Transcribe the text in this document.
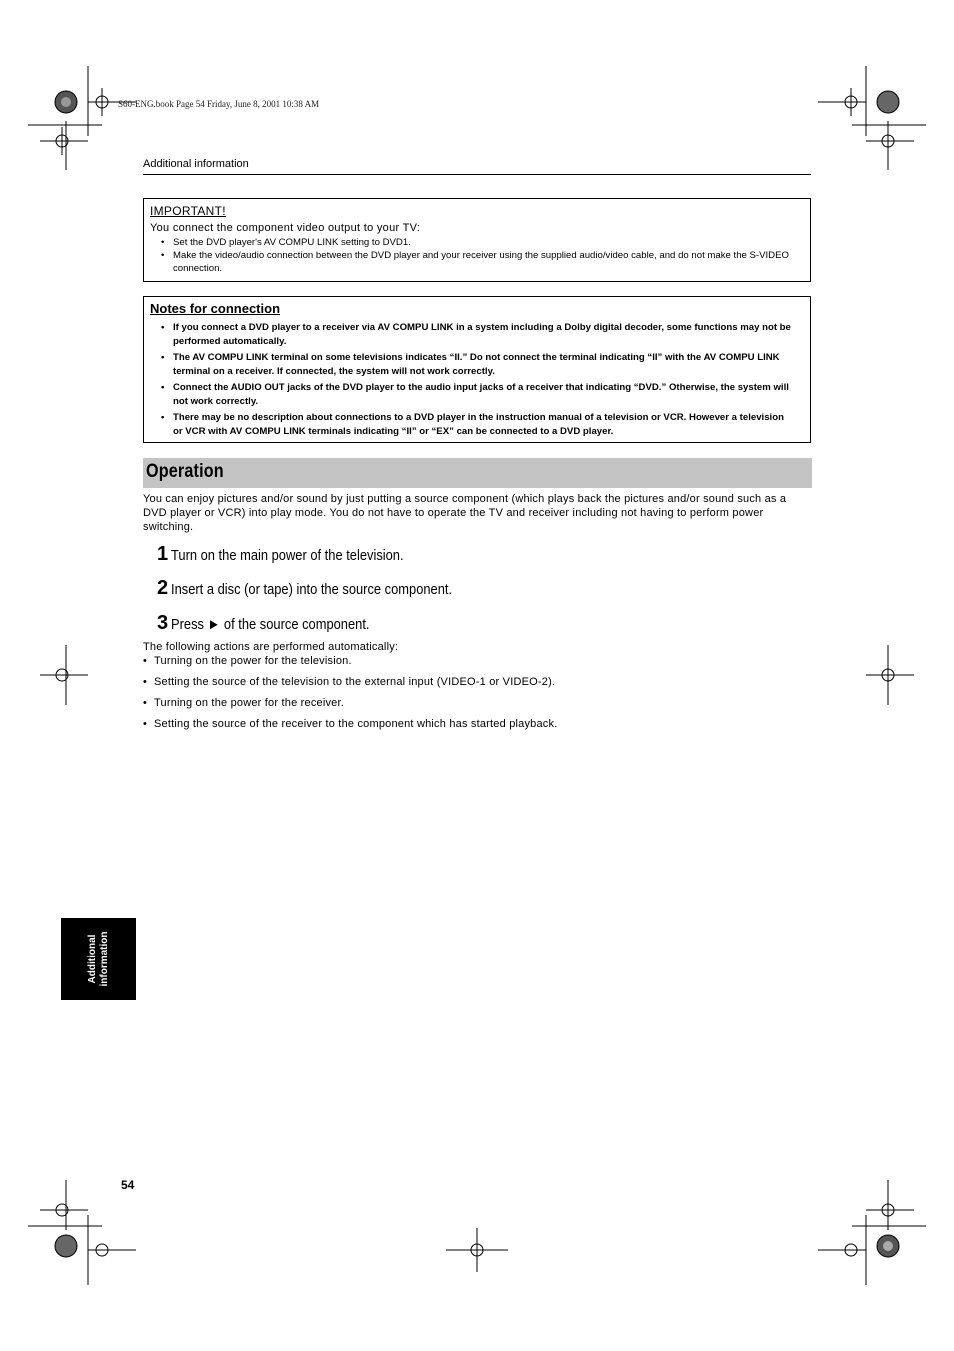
S60-ENG.book Page 54 Friday, June 8, 2001 10:38 AM
Additional information
IMPORTANT!
You connect the component video output to your TV:
• Set the DVD player's AV COMPU LINK setting to DVD1.
• Make the video/audio connection between the DVD player and your receiver using the supplied audio/video cable, and do not make the S-VIDEO connection.
Notes for connection
• If you connect a DVD player to a receiver via AV COMPU LINK in a system including a Dolby digital decoder, some functions may not be performed automatically.
• The AV COMPU LINK terminal on some televisions indicates “II.” Do not connect the terminal indicating “II” with the AV COMPU LINK terminal on a receiver. If connected, the system will not work correctly.
• Connect the AUDIO OUT jacks of the DVD player to the audio input jacks of a receiver that indicating “DVD.” Otherwise, the system will not work correctly.
• There may be no description about connections to a DVD player in the instruction manual of a television or VCR. However a television or VCR with AV COMPU LINK terminals indicating “II” or “EX” can be connected to a DVD player.
Operation
You can enjoy pictures and/or sound by just putting a source component (which plays back the pictures and/or sound such as a DVD player or VCR) into play mode. You do not have to operate the TV and receiver including not having to perform power switching.
1 Turn on the main power of the television.
2 Insert a disc (or tape) into the source component.
3 Press ► of the source component.
The following actions are performed automatically:
• Turning on the power for the television.
• Setting the source of the television to the external input (VIDEO-1 or VIDEO-2).
• Turning on the power for the receiver.
• Setting the source of the receiver to the component which has started playback.
Additional information
54
